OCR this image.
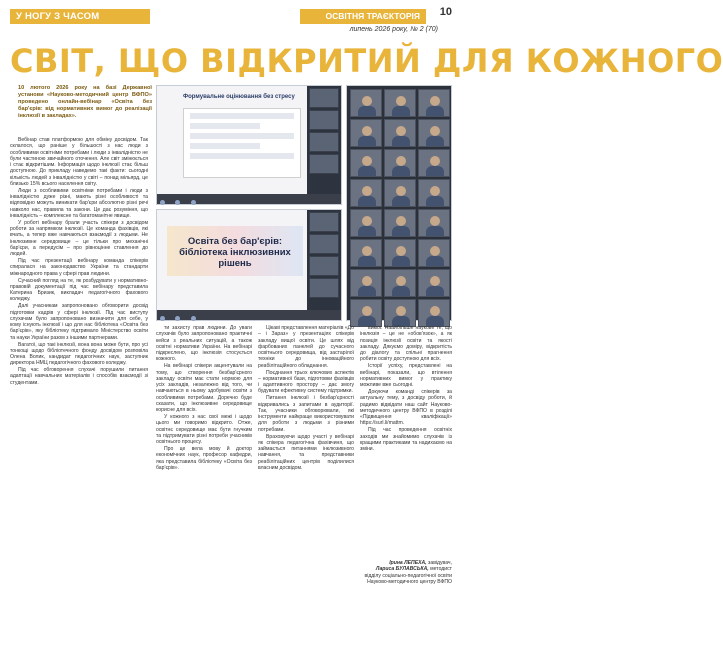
У НОГУ З ЧАСОМ	ОСВІТНЯ ТРАЄКТОРІЯ	10
липень 2026 року, № 2 (70)
СВІТ, ЩО ВІДКРИТИЙ ДЛЯ КОЖНОГО
10 лютого 2026 року на базі Державної установи «Науково-методичний центр ВФПО» проведено онлайн-вебінар «Освіта без бар'єрів: від нормативних вимог до реалізації інклюзії в закладах».
Формувальне оцінювання без стресу

Освіта без бар'єрів: бібліотека інклюзивних рішень

Вебінар став платформою для обміну досвідом. Так склалося, що раніше у більшості з нас люди з особливими освітніми потребами і люди з інвалідністю не були частиною звичайного оточення. Але світ змінюється і стає відкритішим. Інформація щодо інклюзії стає більш доступною. До прикладу наведемо такі факти: сьогодні кількість людей з інвалідністю у світі – понад мільярд, це близько 15% всього населення світу.

Люди з особливими освітніми потребами і люди з інвалідністю дуже різні, мають різні особливості та відповідно можуть виникати бар'єри абсолютно різні речі навколо нас, правила та закони. Це дає розуміння, що інвалідність – комплексне та багатоманітне явище.

У роботі вебінару брали участь спікери з досвідом роботи за напрямком інклюзії. Це команда фахівців, які вчать, а тепер вже навчаються взаємодії з людьми. Не інклюзивне середовище – це тільки про механічні бар'єри, а передусім – про рівноцінне ставлення до людей.

Під час презентації вебінару команда спікерів спиралася на законодавство України та стандарти міжнародного права у сфері прав людини.

Сучасний погляд на те, як розбудувати у нормативно-правовій документації під час вебінару представила Катерина Бризик, викладач педагогічного фахового коледжу.

Далі учасникам запропоновано обговорити досвід підготовки кадрів у сфері інклюзії. Під час виступу слухачам було запропоновано визначити для себе, у кому існують інклюзії і що для нас бібліотека «Освіта без бар'єрів», яку бібліотеку підтримало Міністерство освіти та науки України разом з іншими партнерами.

Вагатої, що такі інклюзії, вона вона може бути, про усі тонкощі щодо бібліотечного фонду досвідом розповіла Олена Волик, кандидат педагогічних наук, заступник директора НМЦ педагогічного фахового коледжу.

Під час обговорення слухачі порушили питання адаптації навчальних матеріалів і способів взаємодії зі студентами.

ти захисту прав людини. До уваги слухачів було запропоновано практичні кейси з реальних ситуацій, а також освітні нормативи України. На вебінарі підкреслено, що інклюзія стосується кожного.

На вебінарі спікери акцентували на тому, що створення безбар'єрного закладу освіти має стати нормою для усіх закладів, незалежно від того, чи навчаються в ньому здобувачі освіти з особливими потребами. Доречно буде сказати, що інклюзивне середовище корисне для всіх.

У кожного з нас свої межі і щодо цього ми говоримо відкрито. Отже, освітнє середовище має бути гнучким та підтримувати різні потреби учасників освітнього процесу.

Про це вела мову й доктор економічних наук, професор кафедри, яка представила бібліотеку «Освіта без бар'єрів».

Цікаві представлення матеріалів «До – і Зараз» у презентаціях спікерів закладу вищої освіти. Це шлях від фарбованих панелей до сучасного освітнього середовища, від застарілої техніки до інноваційного реабілітаційного обладнання.

Поєднання трьох ключових аспектів – нормативної бази, підготовки фахівців і адаптивного простору – дає змогу будувати ефективну систему підтримки.

Питання інклюзії і безбар'єрності відкривались з запитами в аудиторії. Так, учасники обговорювали, які інструменти найкраще використовувати для роботи з людьми з різними потребами.

Враховуючи щодо участі у вебінарі як спікера педагогічна фахівчиня, що займається питаннями інклюзивного навчання, та представники реабілітаційних центрів поділилися власним досвідом.

вимог. Наайбільше наукове те, що інклюзія – це не «обов'язок», а як позиція інклюзії освіти та якості закладу. Дякуємо доміру, відкритість до діалогу та спільні прагнення робити освіту доступною для всіх.

Історії успіху, представлені на вебінарі, показали, що втілення нормативних вимог у практику можливе вже сьогодні.

Докуючи команді спікерів за актуальну тему, з досвіду роботи, й радимо відвідати наш сайт Науково-методичного центру ВФПО в розділі «Підвищення кваліфікації» https://surl.li/mattm.

Під час проведення освітніх заходів ми знайомимо слухачів із кращими практиками та надихаємо на зміни.

Ірина ЛЕПЕХА, завідувач,
Лариса БУЛАВСЬКА, методист відділу соціально-педагогічної освіти Науково-методичного центру ВФПО
